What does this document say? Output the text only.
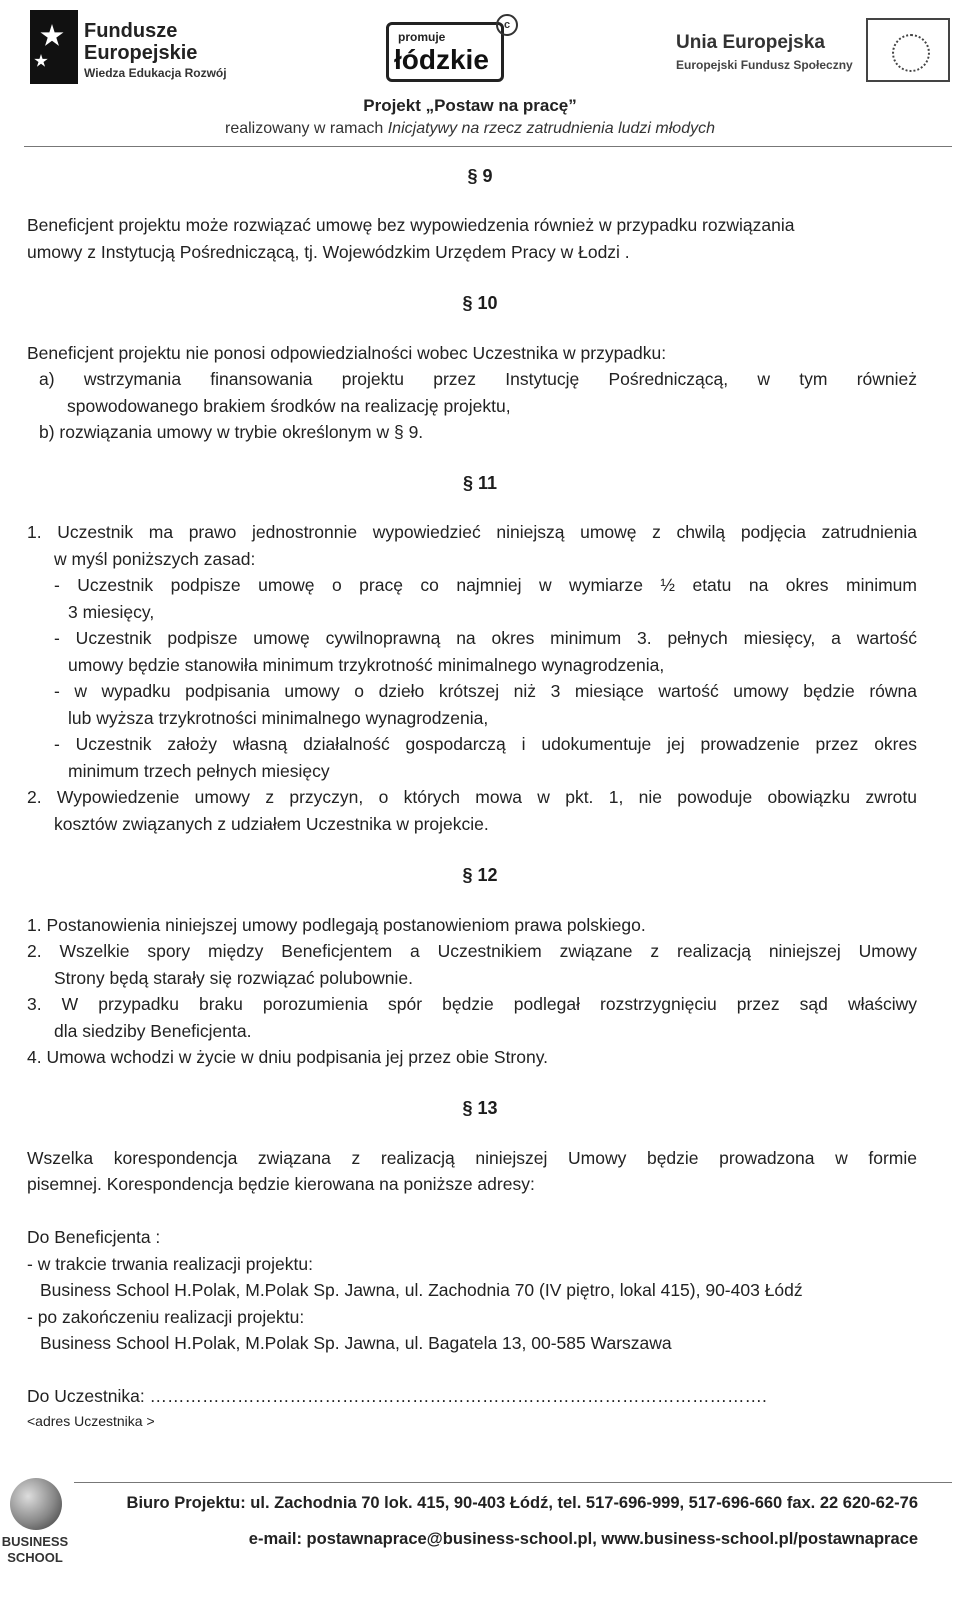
Fundusze
Europejskie
Wiedza Edukacja Rozwój
promuje
łódzkie
c
Unia Europejska
Europejski Fundusz Społeczny
Projekt „Postaw na pracę”
realizowany w ramach Inicjatywy na rzecz zatrudnienia ludzi młodych
§ 9
Beneficjent projektu może rozwiązać umowę bez wypowiedzenia również w przypadku rozwiązania
umowy z Instytucją Pośredniczącą, tj. Wojewódzkim Urzędem Pracy w Łodzi .
§ 10
Beneficjent projektu nie ponosi odpowiedzialności wobec Uczestnika w przypadku:
a) wstrzymania finansowania projektu przez Instytucję Pośredniczącą, w tym również
spowodowanego brakiem środków na realizację projektu,
b) rozwiązania umowy w trybie określonym w § 9.
§ 11
1. Uczestnik ma prawo jednostronnie wypowiedzieć niniejszą umowę z chwilą podjęcia zatrudnienia
w myśl poniższych zasad:
- Uczestnik podpisze umowę o pracę co najmniej w wymiarze ½ etatu na okres minimum
3 miesięcy,
- Uczestnik podpisze umowę cywilnoprawną na okres minimum 3. pełnych miesięcy, a wartość
umowy będzie stanowiła minimum trzykrotność minimalnego wynagrodzenia,
- w wypadku podpisania umowy o dzieło krótszej niż 3 miesiące wartość umowy będzie równa
lub wyższa trzykrotności minimalnego wynagrodzenia,
- Uczestnik założy własną działalność gospodarczą i udokumentuje jej prowadzenie przez okres
minimum trzech pełnych miesięcy
2. Wypowiedzenie umowy z przyczyn, o których mowa w pkt. 1, nie powoduje obowiązku zwrotu
kosztów związanych z udziałem Uczestnika w projekcie.
§ 12
1. Postanowienia niniejszej umowy podlegają postanowieniom prawa polskiego.
2. Wszelkie spory między Beneficjentem a Uczestnikiem związane z realizacją niniejszej Umowy
Strony będą starały się rozwiązać polubownie.
3. W przypadku braku porozumienia spór będzie podlegał rozstrzygnięciu przez sąd właściwy
dla siedziby Beneficjenta.
4. Umowa wchodzi w życie w dniu podpisania jej przez obie Strony.
§ 13
Wszelka korespondencja związana z realizacją niniejszej Umowy będzie prowadzona w formie
pisemnej. Korespondencja będzie kierowana na poniższe adresy:
Do Beneficjenta :
- w trakcie trwania realizacji projektu:
Business School H.Polak, M.Polak Sp. Jawna, ul. Zachodnia 70 (IV piętro, lokal 415), 90-403 Łódź
- po zakończeniu realizacji projektu:
Business School H.Polak, M.Polak Sp. Jawna, ul. Bagatela 13, 00-585 Warszawa
Do Uczestnika: …………………………………………………………………………………………….
<adres Uczestnika >
BUSINESS
SCHOOL
Biuro Projektu: ul. Zachodnia 70 lok. 415, 90-403 Łódź, tel. 517-696-999, 517-696-660 fax. 22 620-62-76
e-mail: postawnaprace@business-school.pl, www.business-school.pl/postawnaprace
